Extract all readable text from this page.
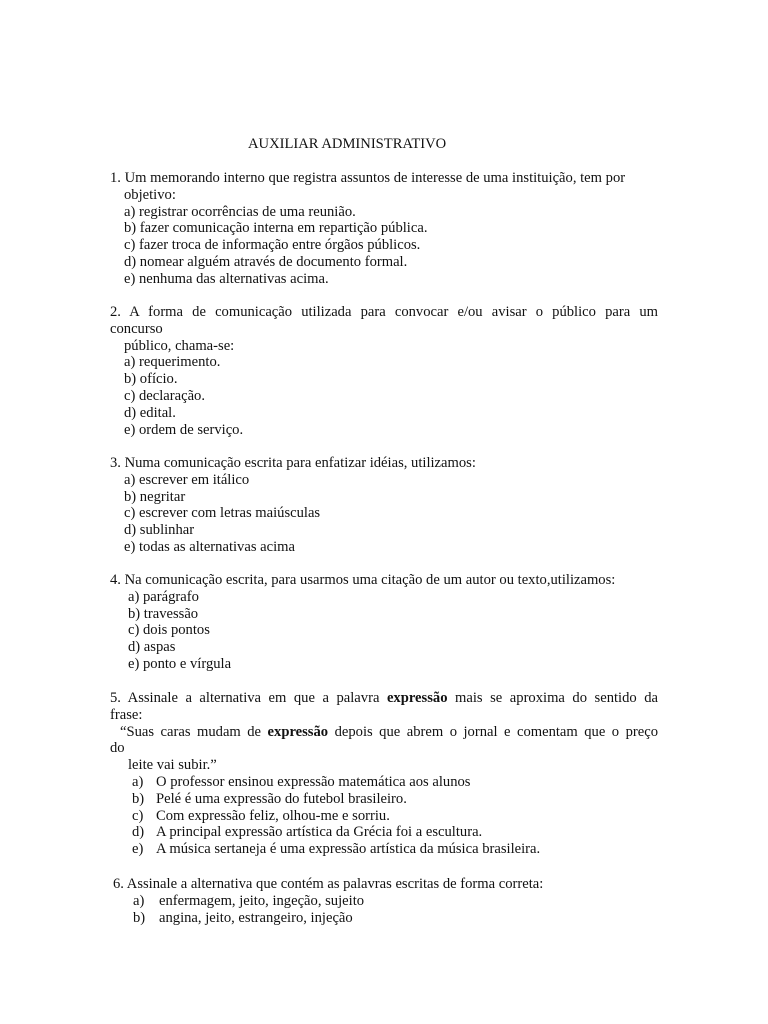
AUXILIAR ADMINISTRATIVO
1. Um memorando interno que registra assuntos de interesse de uma instituição, tem por
objetivo:
a) registrar ocorrências de uma reunião.
b) fazer comunicação interna em repartição pública.
c) fazer troca de informação entre órgãos públicos.
d) nomear alguém através de documento formal.
e) nenhuma das alternativas acima.
2. A forma de comunicação utilizada para convocar e/ou avisar o público para um
concurso
público, chama-se:
a) requerimento.
b) ofício.
c) declaração.
d) edital.
e) ordem de serviço.
3. Numa comunicação escrita para enfatizar idéias, utilizamos:
a) escrever em itálico
b) negritar
c) escrever com letras maiúsculas
d) sublinhar
e) todas as alternativas acima
4. Na comunicação escrita, para usarmos uma citação de um autor ou texto,utilizamos:
a) parágrafo
b) travessão
c) dois pontos
d) aspas
e) ponto e vírgula
5. Assinale a alternativa em que a palavra expressão mais se aproxima do sentido da
frase:
“Suas caras mudam de expressão depois que abrem o jornal e comentam que o preço
do
leite vai subir.”
a) O professor ensinou expressão matemática aos alunos
b) Pelé é uma expressão do futebol brasileiro.
c) Com expressão feliz, olhou-me e sorriu.
d) A principal expressão artística da Grécia foi a escultura.
e) A música sertaneja é uma expressão artística da música brasileira.
6. Assinale a alternativa que contém as palavras escritas de forma correta:
a) enfermagem, jeito, ingeção, sujeito
b) angina, jeito, estrangeiro, injeção
